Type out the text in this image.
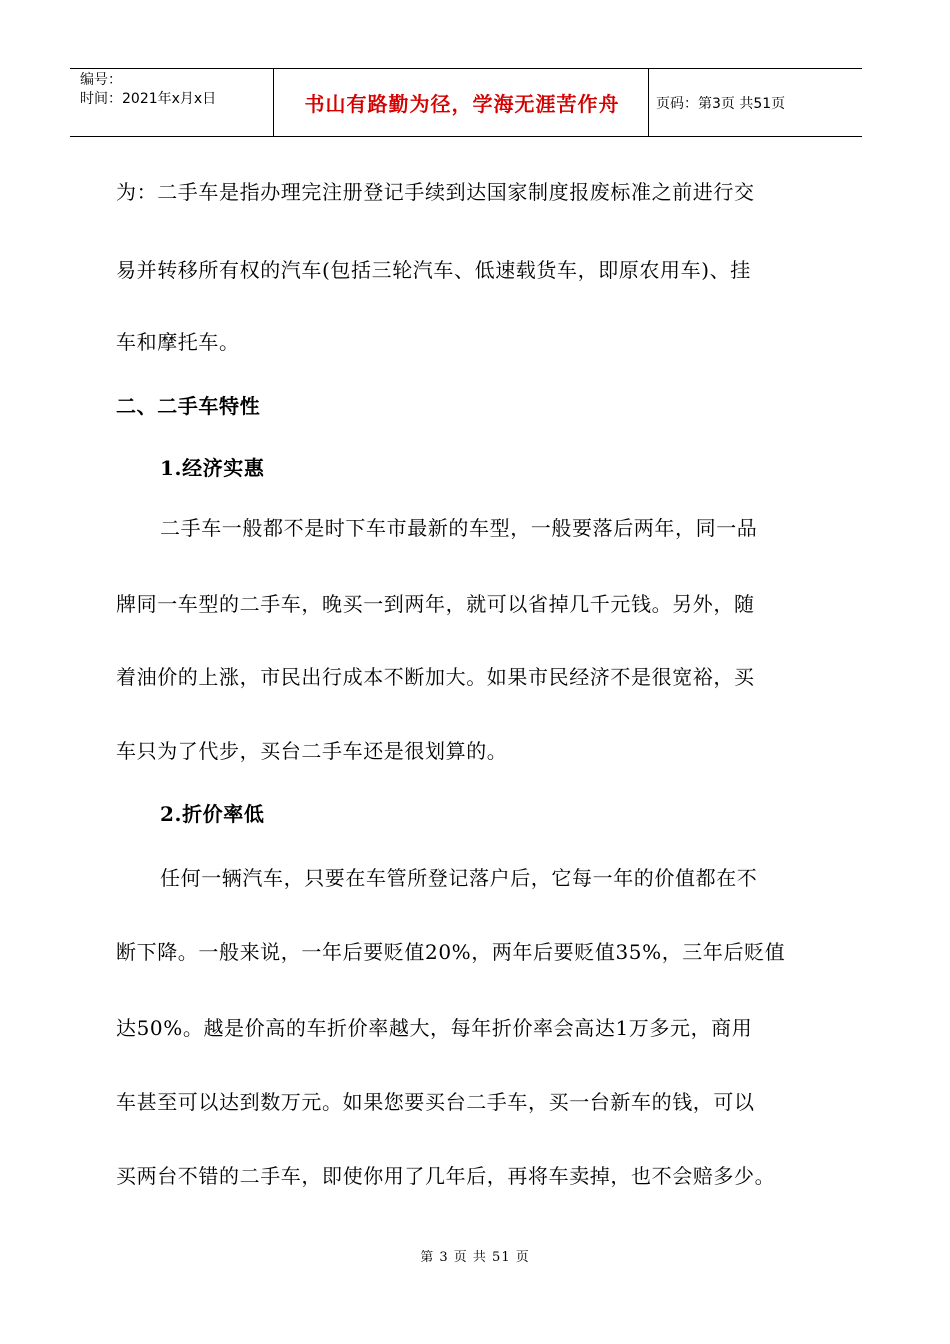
编号：
时间：2021年x月x日	书山有路勤为径，学海无涯苦作舟	页码：第3页 共51页
为：二手车是指办理完注册登记手续到达国家制度报废标准之前进行交
易并转移所有权的汽车(包括三轮汽车、低速载货车，即原农用车)、挂
车和摩托车。
二、二手车特性
1.经济实惠
二手车一般都不是时下车市最新的车型，一般要落后两年，同一品
牌同一车型的二手车，晚买一到两年，就可以省掉几千元钱。另外，随
着油价的上涨，市民出行成本不断加大。如果市民经济不是很宽裕，买
车只为了代步，买台二手车还是很划算的。
2.折价率低
任何一辆汽车，只要在车管所登记落户后，它每一年的价值都在不
断下降。一般来说，一年后要贬值20%，两年后要贬值35%，三年后贬值
达50%。越是价高的车折价率越大，每年折价率会高达1万多元，商用
车甚至可以达到数万元。如果您要买台二手车，买一台新车的钱，可以
买两台不错的二手车，即使你用了几年后，再将车卖掉，也不会赔多少。
第 3 页 共 51 页
